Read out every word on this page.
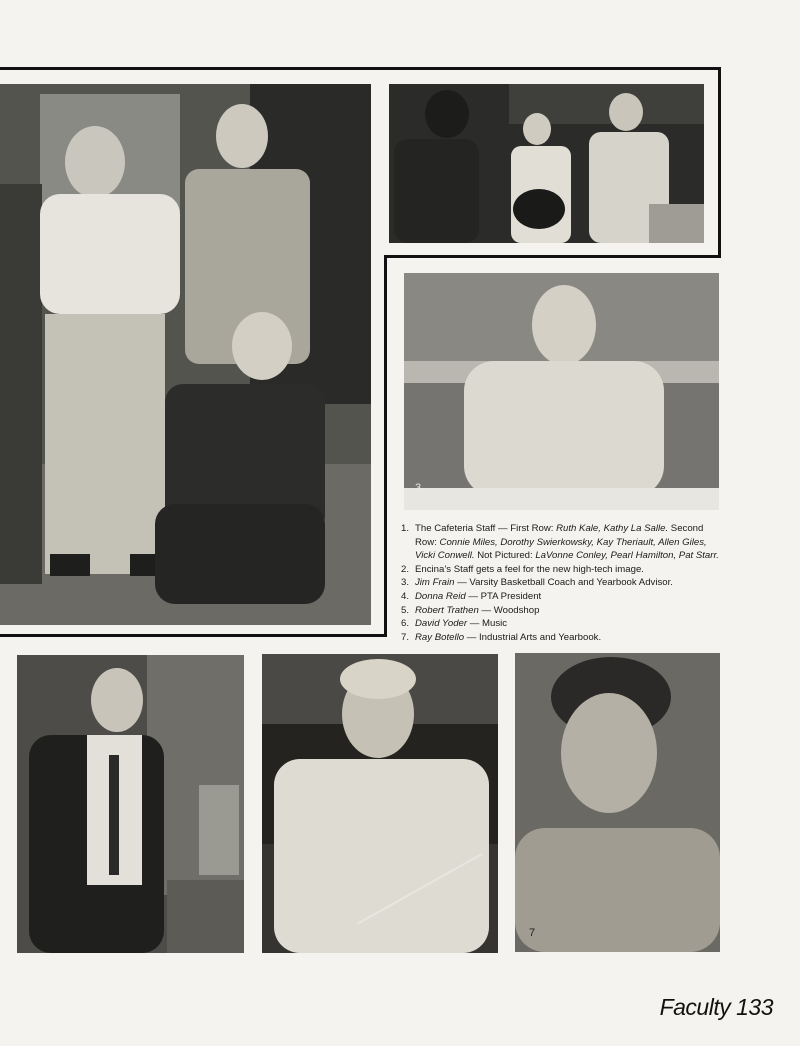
3
1. The Cafeteria Staff — First Row: Ruth Kale, Kathy La Salle. Second Row: Connie Miles, Dorothy Swierkowsky, Kay Theriault, Allen Giles, Vicki Conwell. Not Pictured: LaVonne Conley, Pearl Hamilton, Pat Starr.
2. Encina’s Staff gets a feel for the new high-tech image.
3. Jim Frain — Varsity Basketball Coach and Yearbook Advisor.
4. Donna Reid — PTA President
5. Robert Trathen — Woodshop
6. David Yoder — Music
7. Ray Botello — Industrial Arts and Yearbook.
7
Faculty 133
